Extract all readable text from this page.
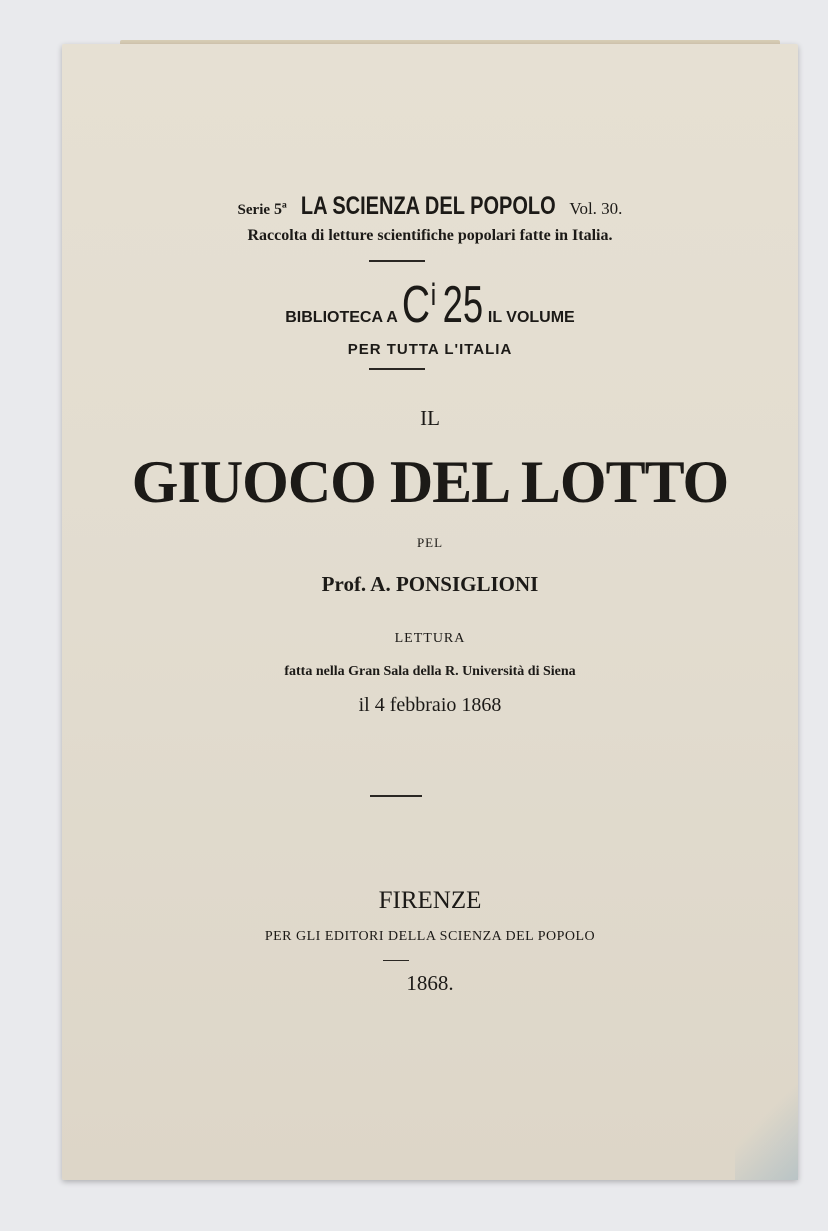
Serie 5ª LA SCIENZA DEL POPOLO Vol. 30.
Raccolta di letture scientifiche popolari fatte in Italia.
BIBLIOTECA A Cⁱ 25 IL VOLUME
PER TUTTA L'ITALIA
IL
GIUOCO DEL LOTTO
PEL
Prof. A. PONSIGLIONI
LETTURA
fatta nella Gran Sala della R. Università di Siena
il 4 febbraio 1868
FIRENZE
PER GLI EDITORI DELLA SCIENZA DEL POPOLO
1868.
